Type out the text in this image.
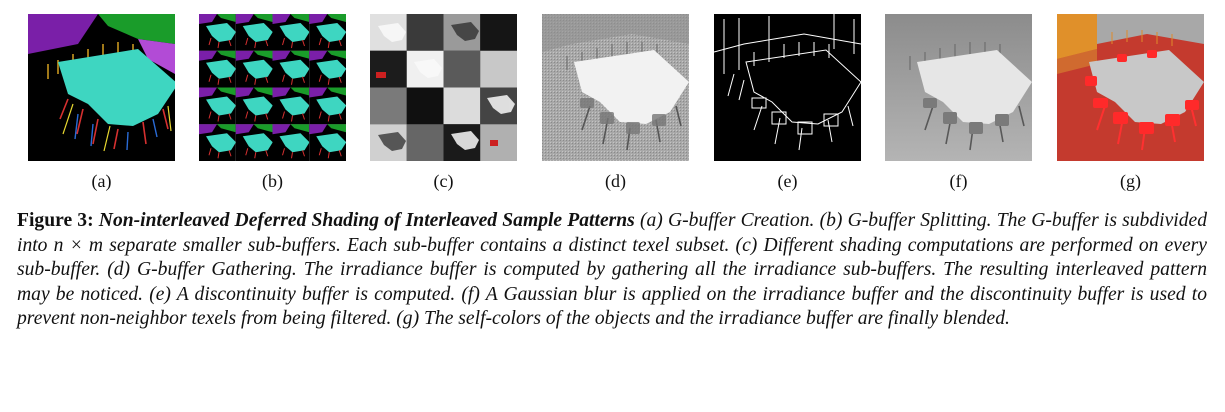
(a)	(b)	(c)	(d)	(e)	(f)	(g)
Figure 3: Non-interleaved Deferred Shading of Interleaved Sample Patterns (a) G-buffer Creation. (b) G-buffer Splitting. The G-buffer is subdivided into n × m separate smaller sub-buffers. Each sub-buffer contains a distinct texel subset. (c) Different shading computations are performed on every sub-buffer. (d) G-buffer Gathering. The irradiance buffer is computed by gathering all the irradiance sub-buffers. The resulting interleaved pattern may be noticed. (e) A discontinuity buffer is computed. (f) A Gaussian blur is applied on the irradiance buffer and the discontinuity buffer is used to prevent non-neighbor texels from being filtered. (g) The self-colors of the objects and the irradiance buffer are finally blended.
